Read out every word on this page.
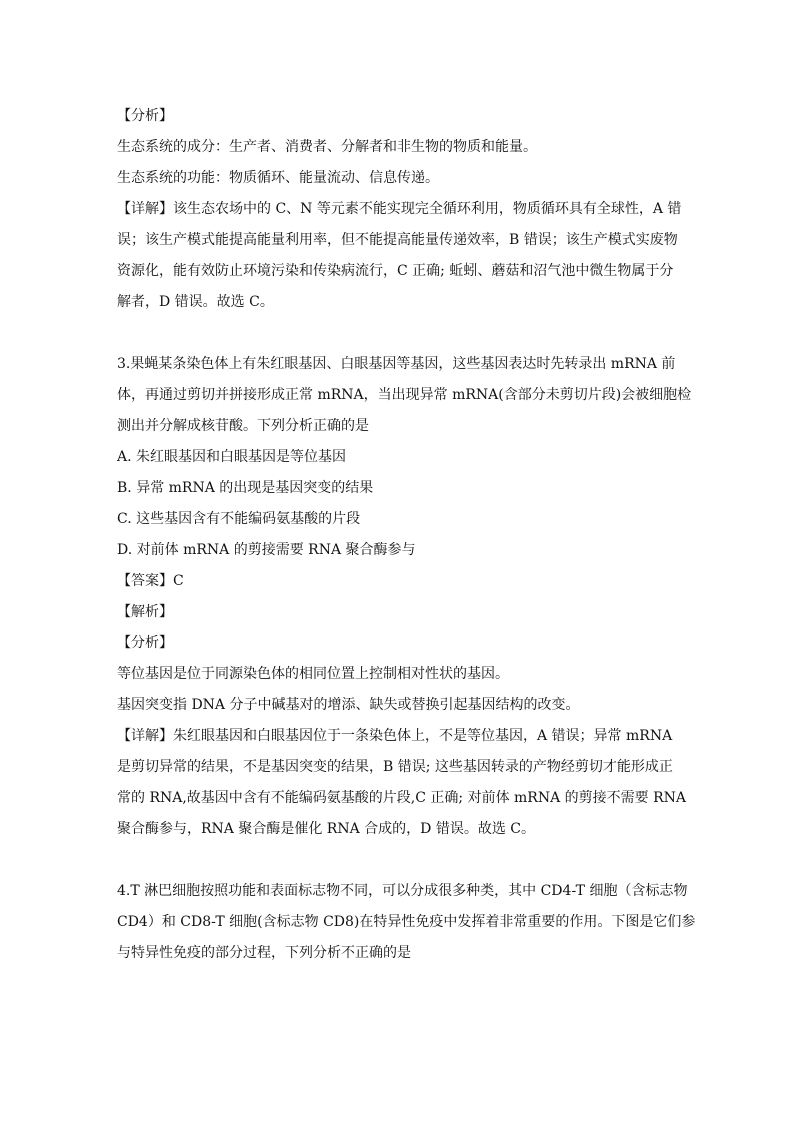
【分析】
生态系统的成分：生产者、消费者、分解者和非生物的物质和能量。
生态系统的功能：物质循环、能量流动、信息传递。
【详解】该生态农场中的 C、N 等元素不能实现完全循环利用，物质循环具有全球性，A 错
误；该生产模式能提高能量利用率，但不能提高能量传递效率，B 错误；该生产模式实废物
资源化，能有效防止环境污染和传染病流行，C 正确; 蚯蚓、蘑菇和沼气池中微生物属于分
解者，D 错误。故选 C。
3.果蝇某条染色体上有朱红眼基因、白眼基因等基因，这些基因表达时先转录出 mRNA 前
体，再通过剪切并拼接形成正常 mRNA，当出现异常 mRNA(含部分未剪切片段)会被细胞检
测出并分解成核苷酸。下列分析正确的是
A. 朱红眼基因和白眼基因是等位基因
B. 异常 mRNA 的出现是基因突变的结果
C. 这些基因含有不能编码氨基酸的片段
D. 对前体 mRNA 的剪接需要 RNA 聚合酶参与
【答案】C
【解析】
【分析】
等位基因是位于同源染色体的相同位置上控制相对性状的基因。
基因突变指 DNA 分子中碱基对的增添、缺失或替换引起基因结构的改变。
【详解】朱红眼基因和白眼基因位于一条染色体上，不是等位基因，A 错误；异常 mRNA
是剪切异常的结果，不是基因突变的结果，B 错误; 这些基因转录的产物经剪切才能形成正
常的 RNA,故基因中含有不能编码氨基酸的片段,C 正确; 对前体 mRNA 的剪接不需要 RNA
聚合酶参与，RNA 聚合酶是催化 RNA 合成的，D 错误。故选 C。
4.T 淋巴细胞按照功能和表面标志物不同，可以分成很多种类，其中 CD4-T 细胞（含标志物
CD4）和 CD8-T 细胞(含标志物 CD8)在特异性免疫中发挥着非常重要的作用。下图是它们参
与特异性免疫的部分过程，下列分析不正确的是
